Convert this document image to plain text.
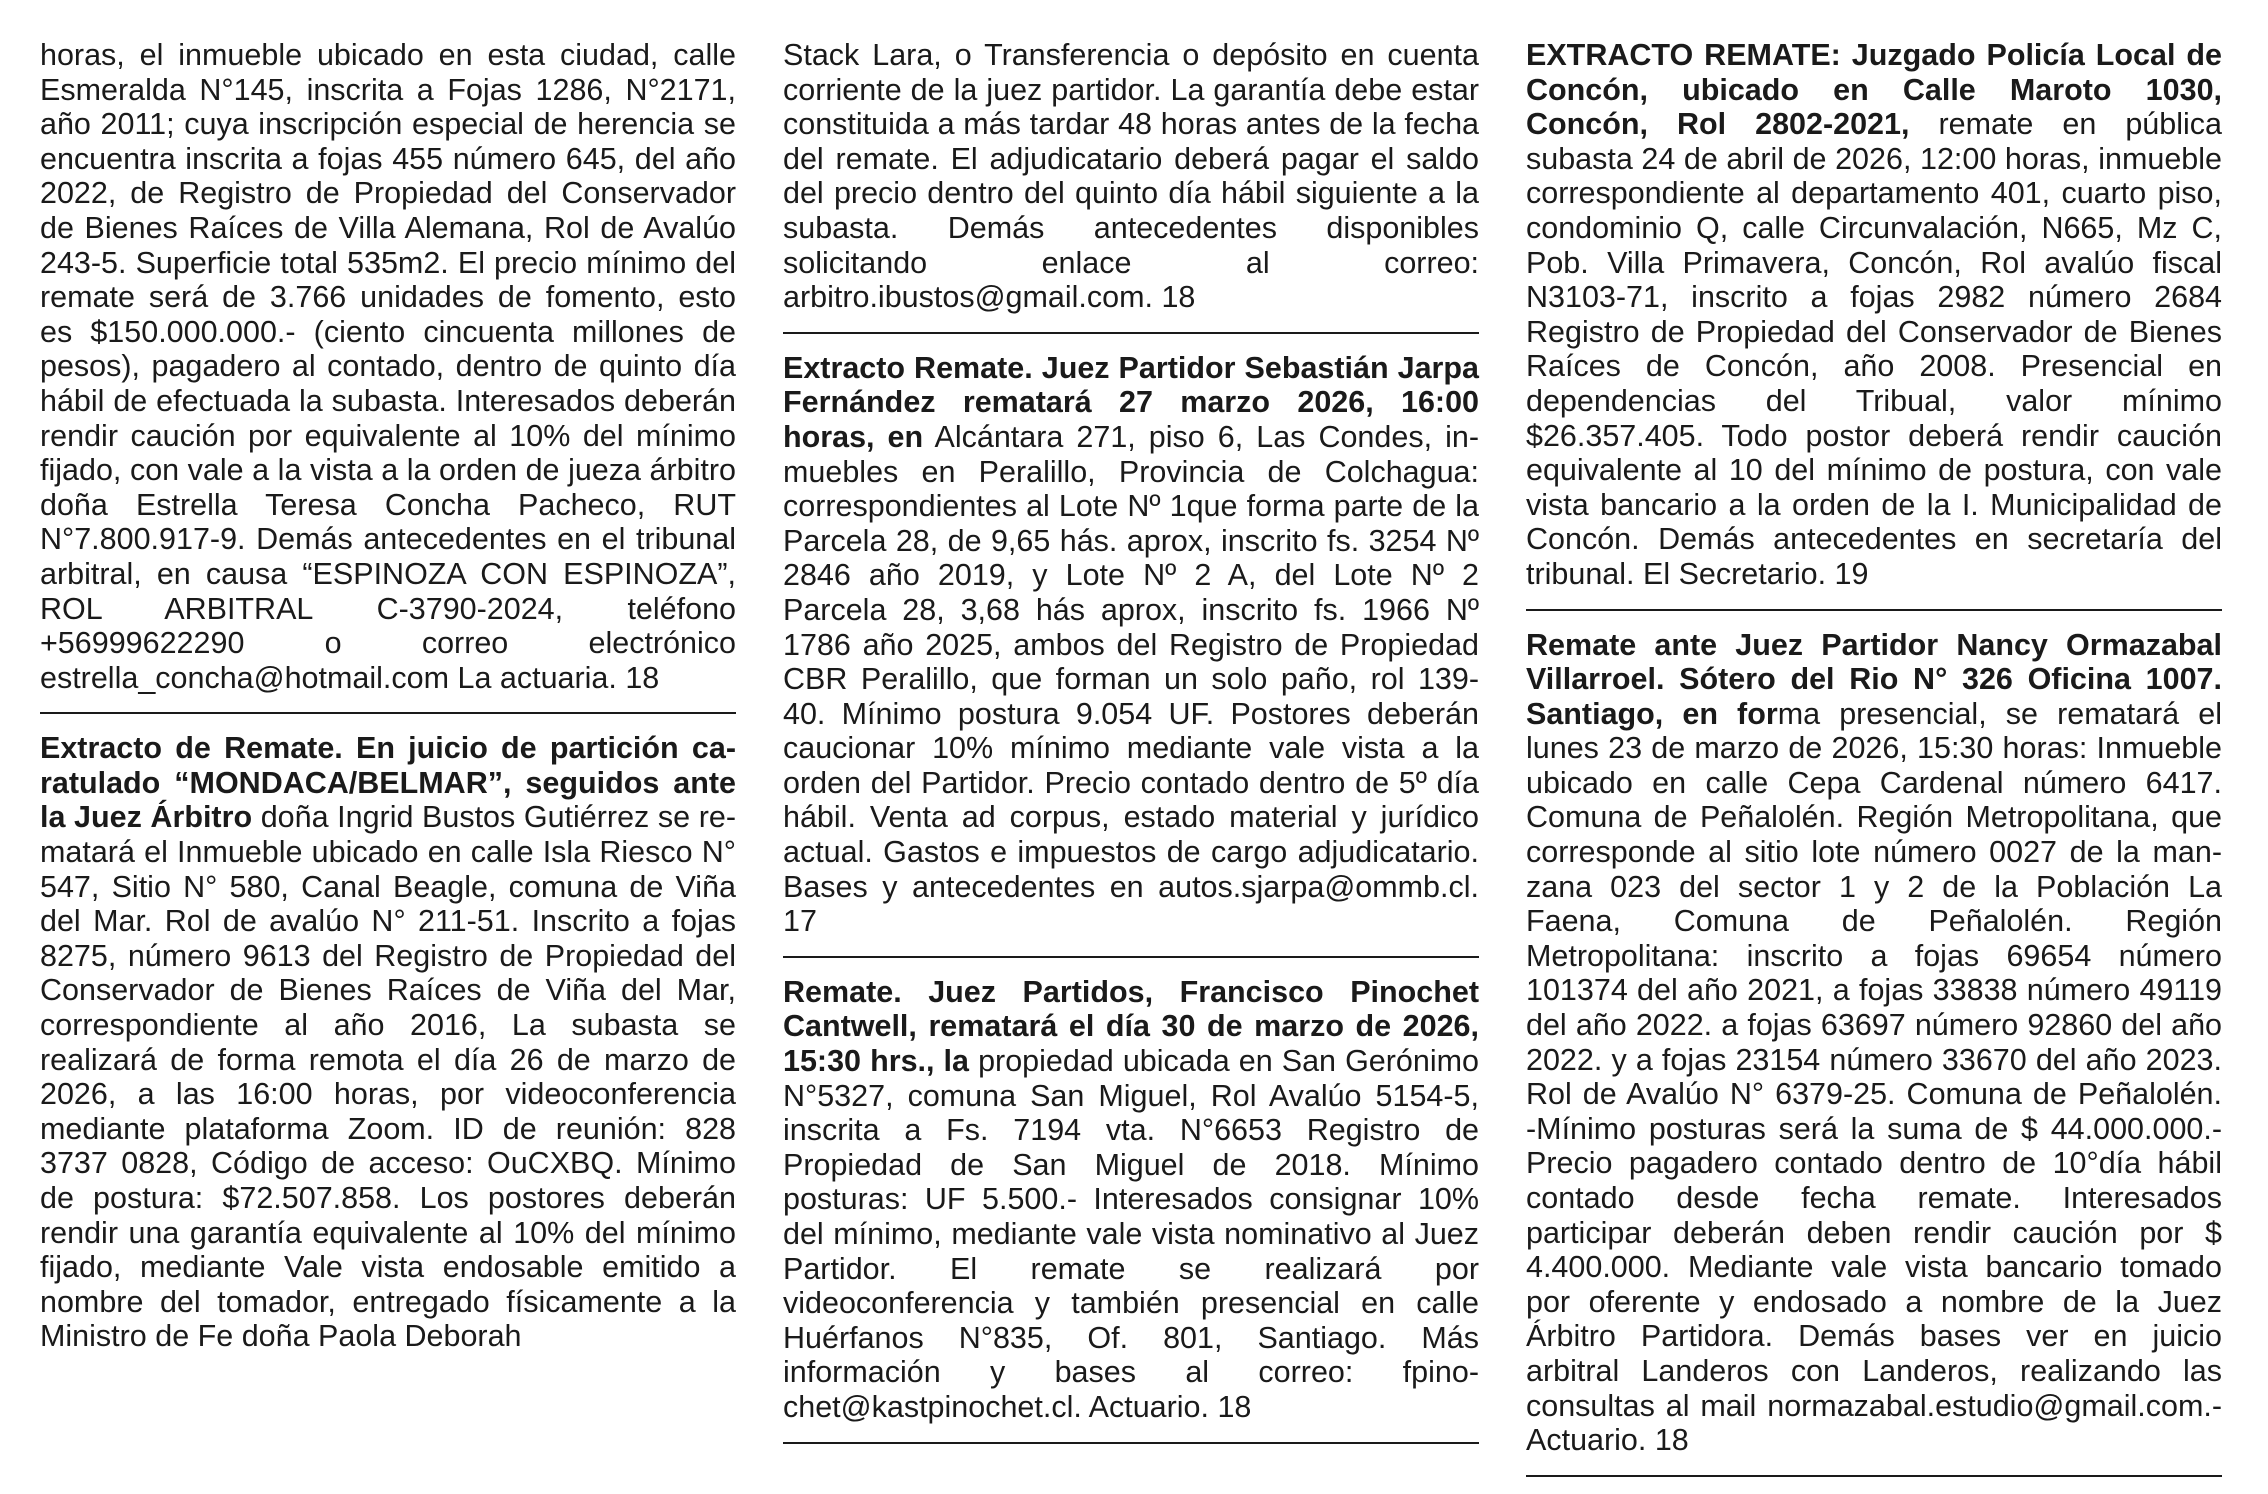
horas, el inmueble ubicado en esta ciudad, calle Esmeralda N°145, inscrita a Fojas 1286, N°2171, año 2011; cuya inscripción especial de herencia se encuentra inscrita a fojas 455 número 645, del año 2022, de Registro de Propiedad del Conservador de Bienes Raíces de Villa Alemana, Rol de Avalúo 243-5. Superficie total 535m2. El precio mínimo del remate será de 3.766 unidades de fomento, esto es $150.000.000.- (ciento cincuenta millones de pesos), pagadero al contado, dentro de quinto día hábil de efectuada la subasta. Interesados deberán rendir caución por equivalente al 10% del mínimo fijado, con vale a la vista a la orden de jueza árbitro doña Estrella Teresa Concha Pacheco, RUT N°7.800.917-9. Demás antecedentes en el tribunal arbitral, en causa “ESPINOZA CON ESPINOZA”, ROL ARBITRAL C-3790-2024, teléfono +56999622290 o correo electrónico estrella_concha@hotmail.com La actuaria. 18

Extracto de Remate. En juicio de partición caratulado “MONDACA/BELMAR”, seguidos ante la Juez Árbitro doña Ingrid Bustos Gutiérrez se rematará el Inmueble ubicado en calle Isla Riesco N° 547, Sitio N° 580, Canal Beagle, comuna de Viña del Mar. Rol de avalúo N° 211-51. Inscrito a fojas 8275, número 9613 del Registro de Propiedad del Conservador de Bienes Raíces de Viña del Mar, correspondiente al año 2016, La subasta se realizará de forma remota el día 26 de marzo de 2026, a las 16:00 horas, por videoconferencia mediante plataforma Zoom. ID de reunión: 828 3737 0828, Código de acceso: OuCXBQ. Mínimo de postura: $72.507.858. Los postores deberán rendir una garantía equivalente al 10% del mínimo fijado, mediante Vale vista endosable emitido a nombre del tomador, entregado físicamente a la Ministro de Fe doña Paola Deborah

Stack Lara, o Transferencia o depósito en cuenta corriente de la juez partidor. La garantía debe estar constituida a más tardar 48 horas antes de la fecha del remate. El adjudicatario deberá pagar el saldo del precio dentro del quinto día hábil siguiente a la subasta. Demás antecedentes disponibles solicitando enlace al correo: arbitro.ibustos@gmail.com. 18

Extracto Remate. Juez Partidor Sebastián Jarpa Fernández rematará 27 marzo 2026, 16:00 horas, en Alcántara 271, piso 6, Las Condes, inmuebles en Peralillo, Provincia de Colchagua: correspondientes al Lote Nº 1que forma parte de la Parcela 28, de 9,65 hás. aprox, inscrito fs. 3254 Nº 2846 año 2019, y Lote Nº 2 A, del Lote Nº 2 Parcela 28, 3,68 hás aprox, inscrito fs. 1966 Nº 1786 año 2025, ambos del Registro de Propiedad CBR Peralillo, que forman un solo paño, rol 139-40. Mínimo postura 9.054 UF. Postores deberán caucionar 10% mínimo mediante vale vista a la orden del Partidor. Precio contado dentro de 5º día hábil. Venta ad corpus, estado material y jurídico actual. Gastos e impuestos de cargo adjudicatario. Bases y antecedentes en autos.sjarpa@ommb.cl. 17

Remate. Juez Partidos, Francisco Pinochet Cantwell, rematará el día 30 de marzo de 2026, 15:30 hrs., la propiedad ubicada en San Gerónimo N°5327, comuna San Miguel, Rol Avalúo 5154-5, inscrita a Fs. 7194 vta. N°6653 Registro de Propiedad de San Miguel de 2018. Mínimo posturas: UF 5.500.- Interesados consignar 10% del mínimo, mediante vale vista nominativo al Juez Partidor. El remate se realizará por videoconferencia y también presencial en calle Huérfanos N°835, Of. 801, Santiago. Más información y bases al correo: fpinochet@kastpinochet.cl. Actuario. 18

EXTRACTO REMATE: Juzgado Policía Local de Concón, ubicado en Calle Maroto 1030, Concón, Rol 2802-2021, remate en pública subasta 24 de abril de 2026, 12:00 horas, inmueble correspondiente al departamento 401, cuarto piso, condominio Q, calle Circunvalación, N665, Mz C, Pob. Villa Primavera, Concón, Rol avalúo fiscal N3103-71, inscrito a fojas 2982 número 2684 Registro de Propiedad del Conservador de Bienes Raíces de Concón, año 2008. Presencial en dependencias del Tribual, valor mínimo $26.357.405. Todo postor deberá rendir caución equivalente al 10 del mínimo de postura, con vale vista bancario a la orden de la I. Municipalidad de Concón. Demás antecedentes en secretaría del tribunal. El Secretario. 19

Remate ante Juez Partidor Nancy Ormazabal Villarroel. Sótero del Rio N° 326 Oficina 1007. Santiago, en forma presencial, se rematará el lunes 23 de marzo de 2026, 15:30 horas: Inmueble ubicado en calle Cepa Cardenal número 6417. Comuna de Peñalolén. Región Metropolitana, que corresponde al sitio lote número 0027 de la manzana 023 del sector 1 y 2 de la Población La Faena, Comuna de Peñalolén. Región Metropolitana: inscrito a fojas 69654 número 101374 del año 2021, a fojas 33838 número 49119 del año 2022. a fojas 63697 número 92860 del año 2022. y a fojas 23154 número 33670 del año 2023. Rol de Avalúo N° 6379-25. Comuna de Peñalolén. -Mínimo posturas será la suma de $ 44.000.000.- Precio pagadero contado dentro de 10°día hábil contado desde fecha remate. Interesados participar deberán deben rendir caución por $ 4.400.000. Mediante vale vista bancario tomado por oferente y endosado a nombre de la Juez Árbitro Partidora. Demás bases ver en juicio arbitral Landeros con Landeros, realizando las consultas al mail normazabal.estudio@gmail.com.- Actuario. 18
